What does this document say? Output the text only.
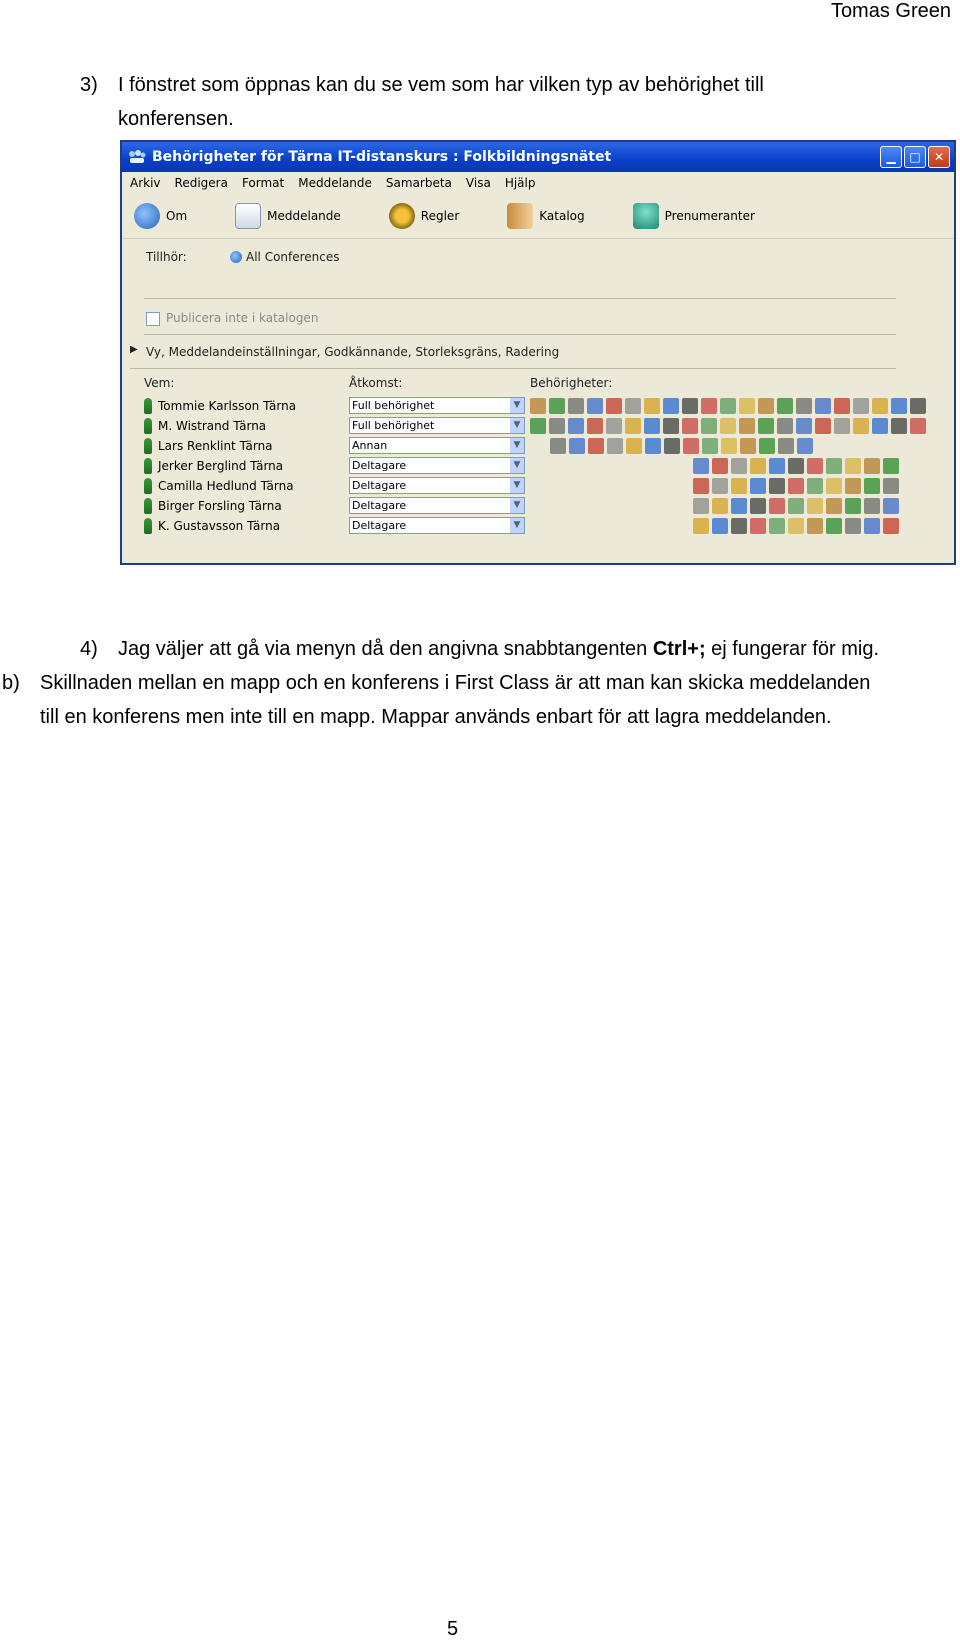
Tomas Green
3) I fönstret som öppnas kan du se vem som har vilken typ av behörighet till
konferensen.
Behörigheter för Tärna IT-distanskurs : Folkbildningsnätet	▁	□	✕
Arkiv Redigera Format Meddelande Samarbeta Visa Hjälp
Om	Meddelande	Regler	Katalog	Prenumeranter
Tillhör:	All Conferences
Publicera inte i katalogen
▶ Vy, Meddelandeinställningar, Godkännande, Storleksgräns, Radering
Vem:	Åtkomst:	Behörigheter:
Tommie Karlsson Tärna	Full behörighet	▼
M. Wistrand Tärna	Full behörighet	▼
Lars Renklint Tärna	Annan	▼
Jerker Berglind Tärna	Deltagare	▼
Camilla Hedlund Tärna	Deltagare	▼
Birger Forsling Tärna	Deltagare	▼
K. Gustavsson Tärna	Deltagare	▼
4) Jag väljer att gå via menyn då den angivna snabbtangenten Ctrl+; ej fungerar för mig.
b) Skillnaden mellan en mapp och en konferens i First Class är att man kan skicka meddelanden
till en konferens men inte till en mapp. Mappar används enbart för att lagra meddelanden.
5
